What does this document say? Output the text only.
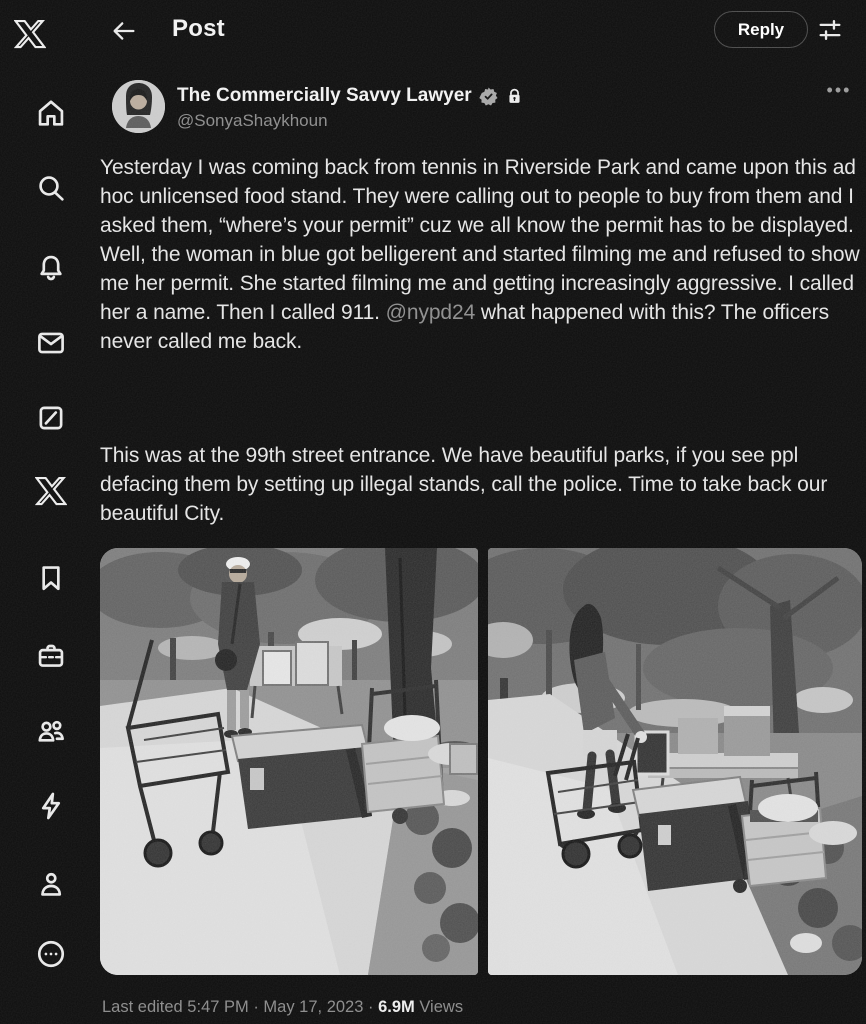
Post	Reply
The Commercially Savvy Lawyer
@SonyaShaykhoun
•••

Yesterday I was coming back from tennis in Riverside Park and came upon this ad hoc unlicensed food stand. They were calling out to people to buy from them and I asked them, “where’s your permit” cuz we all know the permit has to be displayed. Well, the woman in blue got belligerent and started filming me and refused to show me her permit. She started filming me and getting increasingly aggressive. I called her a name. Then I called 911. @nypd24 what happened with this? The officers never called me back.

This was at the 99th street entrance. We have beautiful parks, if you see ppl defacing them by setting up illegal stands, call the police. Time to take back our beautiful City.

Last edited 5:47 PM · May 17, 2023 · 6.9M Views
